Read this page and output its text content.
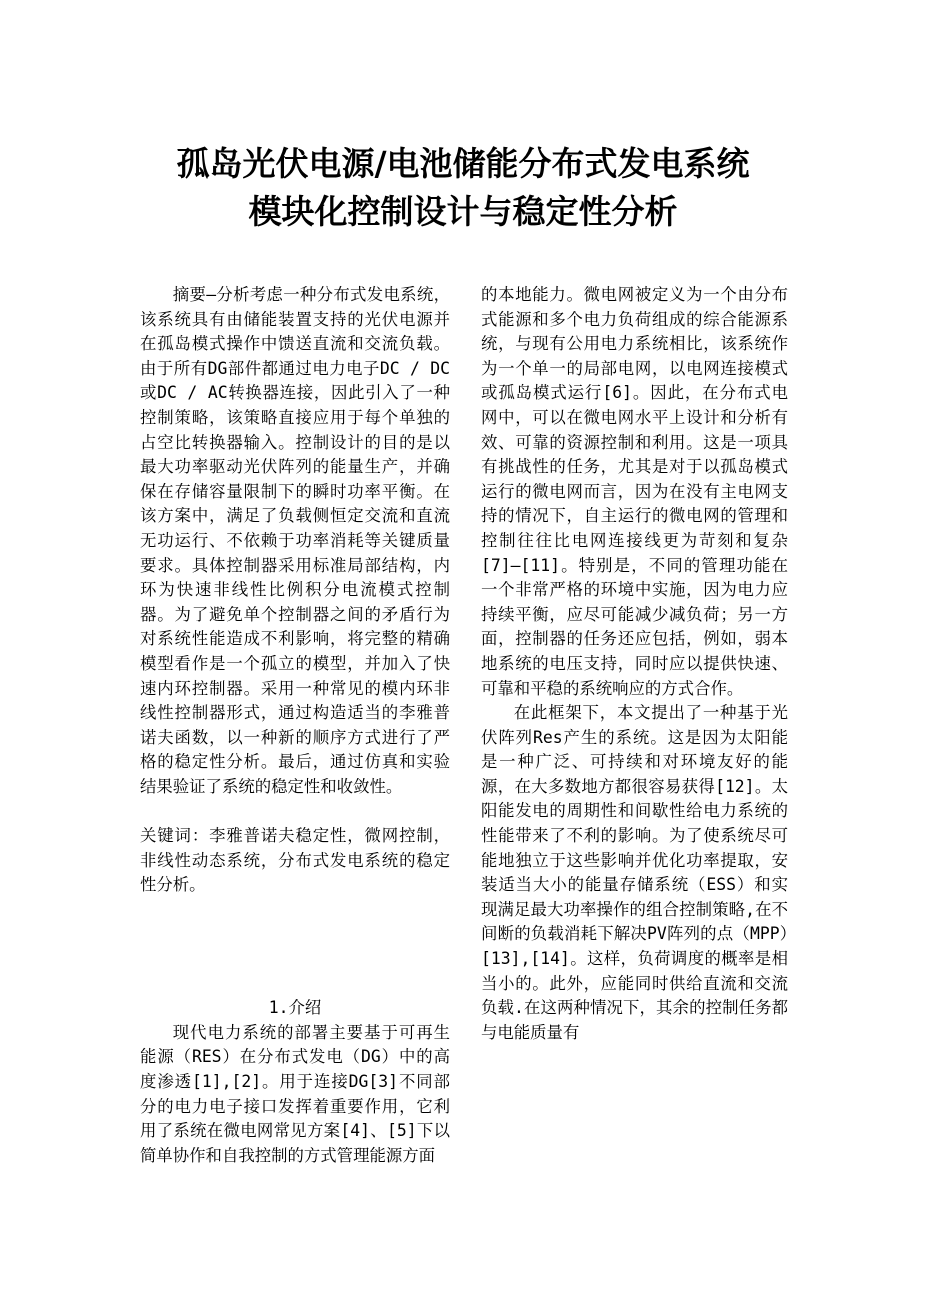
孤岛光伏电源/电池储能分布式发电系统
模块化控制设计与稳定性分析

摘要—分析考虑一种分布式发电系统，该系统具有由储能装置支持的光伏电源并在孤岛模式操作中馈送直流和交流负载。由于所有DG部件都通过电力电子DC / DC或DC / AC转换器连接，因此引入了一种控制策略，该策略直接应用于每个单独的占空比转换器输入。控制设计的目的是以最大功率驱动光伏阵列的能量生产，并确保在存储容量限制下的瞬时功率平衡。在该方案中，满足了负载侧恒定交流和直流无功运行、不依赖于功率消耗等关键质量要求。具体控制器采用标准局部结构，内环为快速非线性比例积分电流模式控制器。为了避免单个控制器之间的矛盾行为对系统性能造成不利影响，将完整的精确模型看作是一个孤立的模型，并加入了快速内环控制器。采用一种常见的模内环非线性控制器形式，通过构造适当的李雅普诺夫函数，以一种新的顺序方式进行了严格的稳定性分析。最后，通过仿真和实验结果验证了系统的稳定性和收敛性。

关键词：李雅普诺夫稳定性，微网控制，非线性动态系统，分布式发电系统的稳定性分析。

1.介绍

现代电力系统的部署主要基于可再生能源（RES）在分布式发电（DG）中的高度渗透[1],[2]。用于连接DG[3]不同部分的电力电子接口发挥着重要作用，它利用了系统在微电网常见方案[4]、[5]下以简单协作和自我控制的方式管理能源方面

的本地能力。微电网被定义为一个由分布式能源和多个电力负荷组成的综合能源系统，与现有公用电力系统相比，该系统作为一个单一的局部电网，以电网连接模式或孤岛模式运行[6]。因此，在分布式电网中，可以在微电网水平上设计和分析有效、可靠的资源控制和利用。这是一项具有挑战性的任务，尤其是对于以孤岛模式运行的微电网而言，因为在没有主电网支持的情况下，自主运行的微电网的管理和控制往往比电网连接线更为苛刻和复杂[7]–[11]。特别是，不同的管理功能在一个非常严格的环境中实施，因为电力应持续平衡，应尽可能减少减负荷；另一方面，控制器的任务还应包括，例如，弱本地系统的电压支持，同时应以提供快速、可靠和平稳的系统响应的方式合作。

在此框架下，本文提出了一种基于光伏阵列Res产生的系统。这是因为太阳能是一种广泛、可持续和对环境友好的能源，在大多数地方都很容易获得[12]。太阳能发电的周期性和间歇性给电力系统的性能带来了不利的影响。为了使系统尽可能地独立于这些影响并优化功率提取，安装适当大小的能量存储系统（ESS）和实现满足最大功率操作的组合控制策略,在不间断的负载消耗下解决PV阵列的点（MPP）[13],[14]。这样，负荷调度的概率是相当小的。此外，应能同时供给直流和交流负载.在这两种情况下，其余的控制任务都与电能质量有
